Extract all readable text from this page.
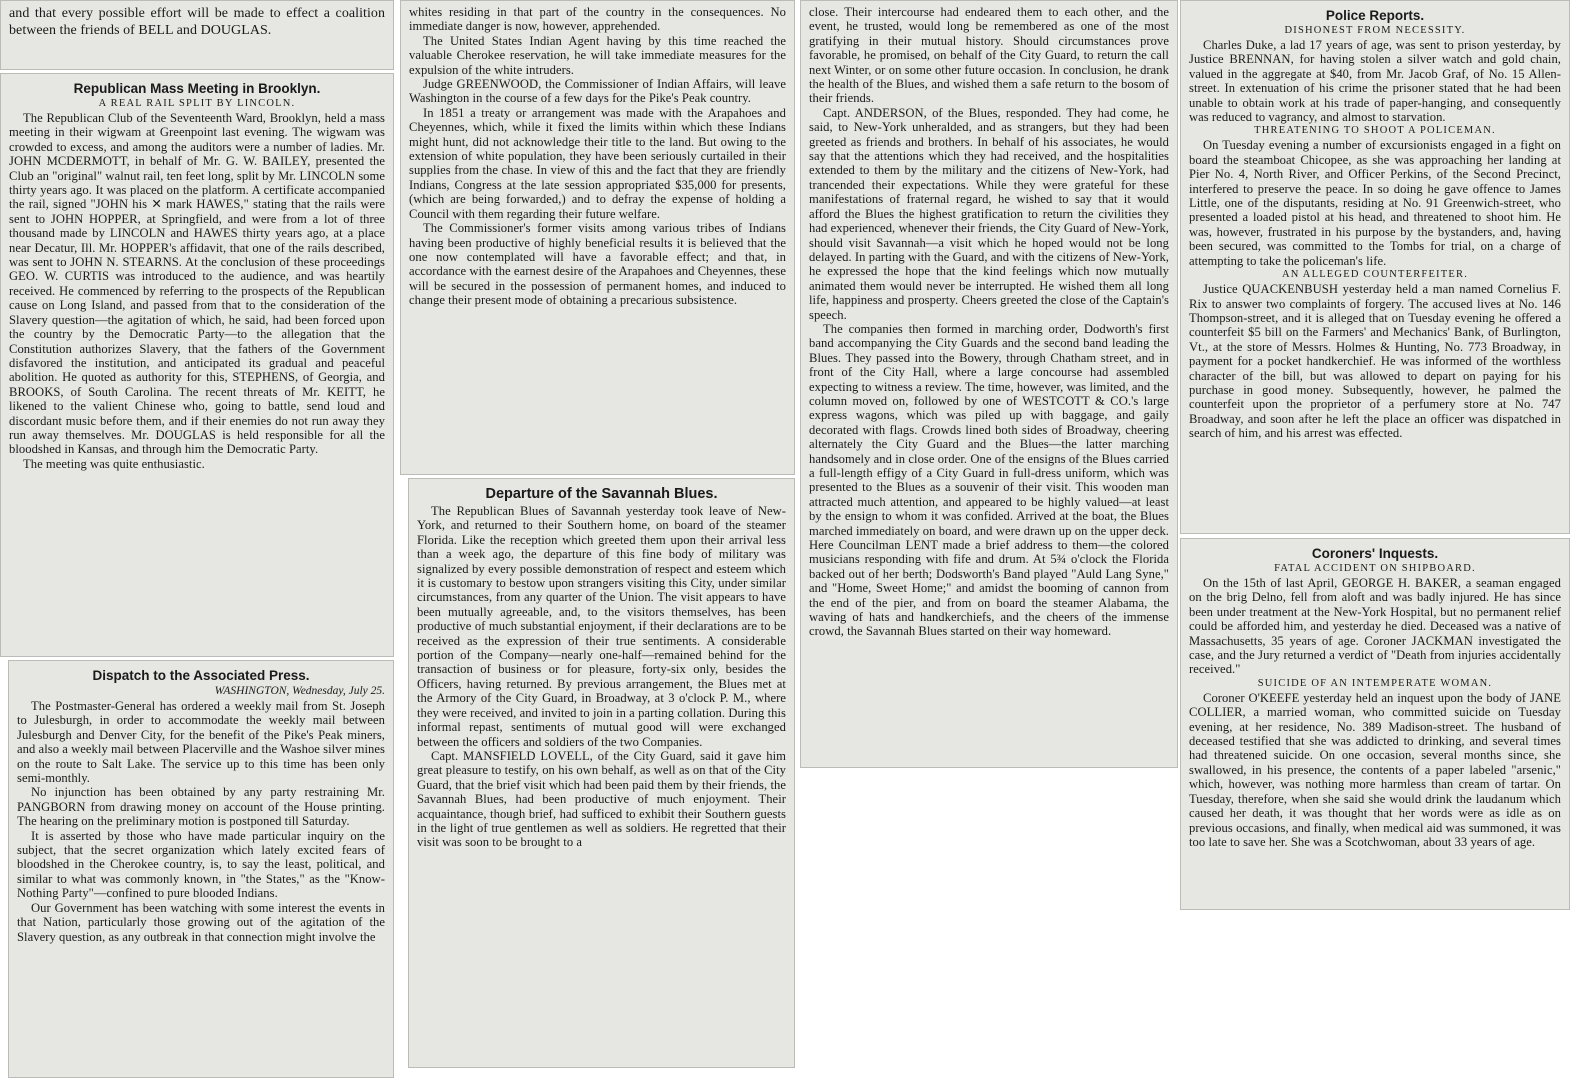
and that every possible effort will be made to effect a coalition between the friends of BELL and DOUGLAS.

Republican Mass Meeting in Brooklyn.
A REAL RAIL SPLIT BY LINCOLN.

The Republican Club of the Seventeenth Ward, Brooklyn, held a mass meeting in their wigwam at Greenpoint last evening. The wigwam was crowded to excess, and among the auditors were a number of ladies. Mr. JOHN MCDERMOTT, in behalf of Mr. G. W. BAILEY, presented the Club an "original" walnut rail, ten feet long, split by Mr. LINCOLN some thirty years ago. It was placed on the platform. A certificate accompanied the rail, signed "JOHN his ✕ mark HAWES," stating that the rails were sent to JOHN HOPPER, at Springfield, and were from a lot of three thousand made by LINCOLN and HAWES thirty years ago, at a place near Decatur, Ill. Mr. HOPPER's affidavit, that one of the rails described, was sent to JOHN N. STEARNS. At the conclusion of these proceedings GEO. W. CURTIS was introduced to the audience, and was heartily received. He commenced by referring to the prospects of the Republican cause on Long Island, and passed from that to the consideration of the Slavery question—the agitation of which, he said, had been forced upon the country by the Democratic Party—to the allegation that the Constitution authorizes Slavery, that the fathers of the Government disfavored the institution, and anticipated its gradual and peaceful abolition. He quoted as authority for this, STEPHENS, of Georgia, and BROOKS, of South Carolina. The recent threats of Mr. KEITT, he likened to the valient Chinese who, going to battle, send loud and discordant music before them, and if their enemies do not run away they run away themselves. Mr. DOUGLAS is held responsible for all the bloodshed in Kansas, and through him the Democratic Party.

The meeting was quite enthusiastic.

Dispatch to the Associated Press.
WASHINGTON, Wednesday, July 25.

The Postmaster-General has ordered a weekly mail from St. Joseph to Julesburgh, in order to accommodate the weekly mail between Julesburgh and Denver City, for the benefit of the Pike's Peak miners, and also a weekly mail between Placerville and the Washoe silver mines on the route to Salt Lake. The service up to this time has been only semi-monthly.

No injunction has been obtained by any party restraining Mr. PANGBORN from drawing money on account of the House printing. The hearing on the preliminary motion is postponed till Saturday.

It is asserted by those who have made particular inquiry on the subject, that the secret organization which lately excited fears of bloodshed in the Cherokee country, is, to say the least, political, and similar to what was commonly known, in "the States," as the "Know-Nothing Party"—confined to pure blooded Indians.

Our Government has been watching with some interest the events in that Nation, particularly those growing out of the agitation of the Slavery question, as any outbreak in that connection might involve the

whites residing in that part of the country in the consequences. No immediate danger is now, however, apprehended.

The United States Indian Agent having by this time reached the valuable Cherokee reservation, he will take immediate measures for the expulsion of the white intruders.

Judge GREENWOOD, the Commissioner of Indian Affairs, will leave Washington in the course of a few days for the Pike's Peak country.

In 1851 a treaty or arrangement was made with the Arapahoes and Cheyennes, which, while it fixed the limits within which these Indians might hunt, did not acknowledge their title to the land. But owing to the extension of white population, they have been seriously curtailed in their supplies from the chase. In view of this and the fact that they are friendly Indians, Congress at the late session appropriated $35,000 for presents, (which are being forwarded,) and to defray the expense of holding a Council with them regarding their future welfare.

The Commissioner's former visits among various tribes of Indians having been productive of highly beneficial results it is believed that the one now contemplated will have a favorable effect; and that, in accordance with the earnest desire of the Arapahoes and Cheyennes, these will be secured in the possession of permanent homes, and induced to change their present mode of obtaining a precarious subsistence.

Departure of the Savannah Blues.

The Republican Blues of Savannah yesterday took leave of New-York, and returned to their Southern home, on board of the steamer Florida. Like the reception which greeted them upon their arrival less than a week ago, the departure of this fine body of military was signalized by every possible demonstration of respect and esteem which it is customary to bestow upon strangers visiting this City, under similar circumstances, from any quarter of the Union. The visit appears to have been mutually agreeable, and, to the visitors themselves, has been productive of much substantial enjoyment, if their declarations are to be received as the expression of their true sentiments. A considerable portion of the Company—nearly one-half—remained behind for the transaction of business or for pleasure, forty-six only, besides the Officers, having returned. By previous arrangement, the Blues met at the Armory of the City Guard, in Broadway, at 3 o'clock P. M., where they were received, and invited to join in a parting collation. During this informal repast, sentiments of mutual good will were exchanged between the officers and soldiers of the two Companies.

Capt. MANSFIELD LOVELL, of the City Guard, said it gave him great pleasure to testify, on his own behalf, as well as on that of the City Guard, that the brief visit which had been paid them by their friends, the Savannah Blues, had been productive of much enjoyment. Their acquaintance, though brief, had sufficed to exhibit their Southern guests in the light of true gentlemen as well as soldiers. He regretted that their visit was soon to be brought to a

close. Their intercourse had endeared them to each other, and the event, he trusted, would long be remembered as one of the most gratifying in their mutual history. Should circumstances prove favorable, he promised, on behalf of the City Guard, to return the call next Winter, or on some other future occasion. In conclusion, he drank the health of the Blues, and wished them a safe return to the bosom of their friends.

Capt. ANDERSON, of the Blues, responded. They had come, he said, to New-York unheralded, and as strangers, but they had been greeted as friends and brothers. In behalf of his associates, he would say that the attentions which they had received, and the hospitalities extended to them by the military and the citizens of New-York, had trancended their expectations. While they were grateful for these manifestations of fraternal regard, he wished to say that it would afford the Blues the highest gratification to return the civilities they had experienced, whenever their friends, the City Guard of New-York, should visit Savannah—a visit which he hoped would not be long delayed. In parting with the Guard, and with the citizens of New-York, he expressed the hope that the kind feelings which now mutually animated them would never be interrupted. He wished them all long life, happiness and prosperty. Cheers greeted the close of the Captain's speech.

The companies then formed in marching order, Dodworth's first band accompanying the City Guards and the second band leading the Blues. They passed into the Bowery, through Chatham street, and in front of the City Hall, where a large concourse had assembled expecting to witness a review. The time, however, was limited, and the column moved on, followed by one of WESTCOTT & CO.'s large express wagons, which was piled up with baggage, and gaily decorated with flags. Crowds lined both sides of Broadway, cheering alternately the City Guard and the Blues—the latter marching handsomely and in close order. One of the ensigns of the Blues carried a full-length effigy of a City Guard in full-dress uniform, which was presented to the Blues as a souvenir of their visit. This wooden man attracted much attention, and appeared to be highly valued—at least by the ensign to whom it was confided. Arrived at the boat, the Blues marched immediately on board, and were drawn up on the upper deck. Here Councilman LENT made a brief address to them—the colored musicians responding with fife and drum. At 5¾ o'clock the Florida backed out of her berth; Dodsworth's Band played "Auld Lang Syne," and "Home, Sweet Home;" and amidst the booming of cannon from the end of the pier, and from on board the steamer Alabama, the waving of hats and handkerchiefs, and the cheers of the immense crowd, the Savannah Blues started on their way homeward.

Police Reports.
DISHONEST FROM NECESSITY.

Charles Duke, a lad 17 years of age, was sent to prison yesterday, by Justice BRENNAN, for having stolen a silver watch and gold chain, valued in the aggregate at $40, from Mr. Jacob Graf, of No. 15 Allen-street. In extenuation of his crime the prisoner stated that he had been unable to obtain work at his trade of paper-hanging, and consequently was reduced to vagrancy, and almost to starvation.

THREATENING TO SHOOT A POLICEMAN.

On Tuesday evening a number of excursionists engaged in a fight on board the steamboat Chicopee, as she was approaching her landing at Pier No. 4, North River, and Officer Perkins, of the Second Precinct, interfered to preserve the peace. In so doing he gave offence to James Little, one of the disputants, residing at No. 91 Greenwich-street, who presented a loaded pistol at his head, and threatened to shoot him. He was, however, frustrated in his purpose by the bystanders, and, having been secured, was committed to the Tombs for trial, on a charge of attempting to take the policeman's life.

AN ALLEGED COUNTERFEITER.

Justice QUACKENBUSH yesterday held a man named Cornelius F. Rix to answer two complaints of forgery. The accused lives at No. 146 Thompson-street, and it is alleged that on Tuesday evening he offered a counterfeit $5 bill on the Farmers' and Mechanics' Bank, of Burlington, Vt., at the store of Messrs. Holmes & Hunting, No. 773 Broadway, in payment for a pocket handkerchief. He was informed of the worthless character of the bill, but was allowed to depart on paying for his purchase in good money. Subsequently, however, he palmed the counterfeit upon the proprietor of a perfumery store at No. 747 Broadway, and soon after he left the place an officer was dispatched in search of him, and his arrest was effected.

Coroners' Inquests.
FATAL ACCIDENT ON SHIPBOARD.

On the 15th of last April, GEORGE H. BAKER, a seaman engaged on the brig Delno, fell from aloft and was badly injured. He has since been under treatment at the New-York Hospital, but no permanent relief could be afforded him, and yesterday he died. Deceased was a native of Massachusetts, 35 years of age. Coroner JACKMAN investigated the case, and the Jury returned a verdict of "Death from injuries accidentally received."

SUICIDE OF AN INTEMPERATE WOMAN.

Coroner O'KEEFE yesterday held an inquest upon the body of JANE COLLIER, a married woman, who committed suicide on Tuesday evening, at her residence, No. 389 Madison-street. The husband of deceased testified that she was addicted to drinking, and several times had threatened suicide. On one occasion, several months since, she swallowed, in his presence, the contents of a paper labeled "arsenic," which, however, was nothing more harmless than cream of tartar. On Tuesday, therefore, when she said she would drink the laudanum which caused her death, it was thought that her words were as idle as on previous occasions, and finally, when medical aid was summoned, it was too late to save her. She was a Scotchwoman, about 33 years of age.
